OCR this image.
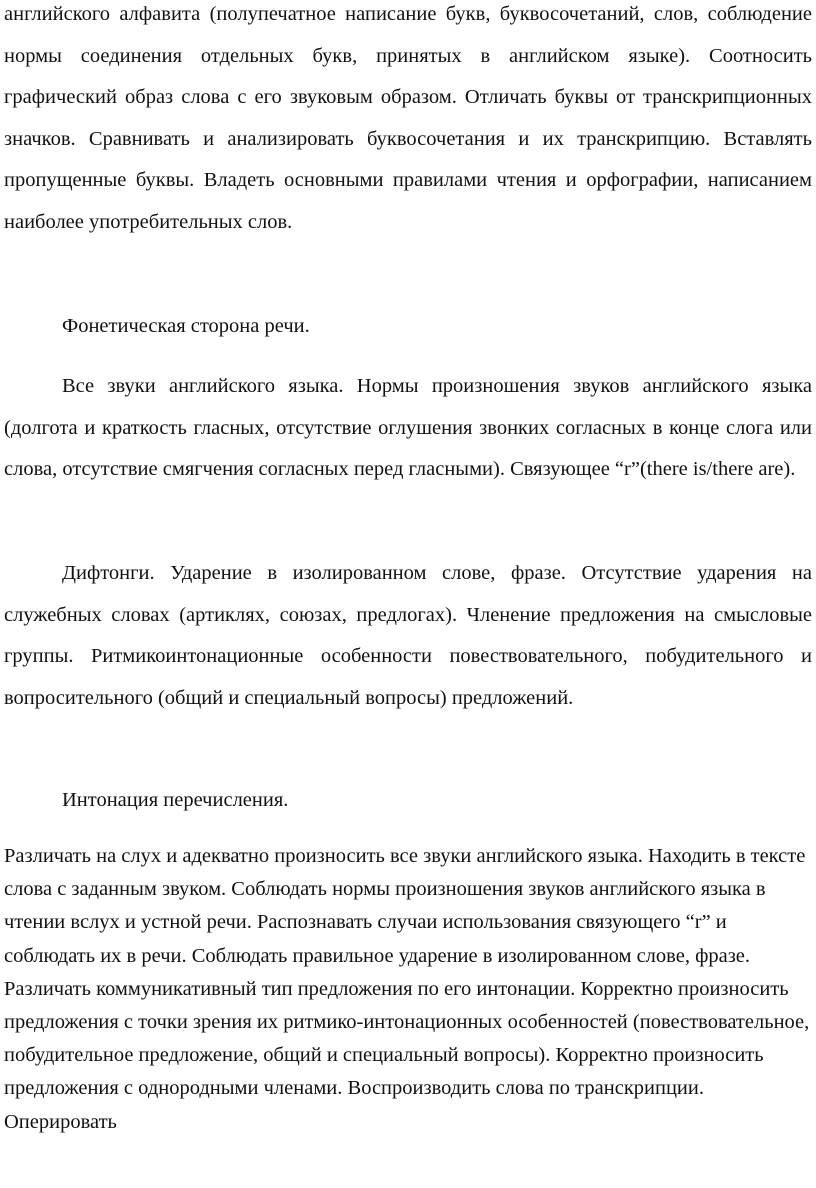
английского алфавита (полупечатное написание букв, буквосочетаний, слов, соблюдение нормы соединения отдельных букв, принятых в английском языке). Соотносить графический образ слова с его звуковым образом. Отличать буквы от транскрипционных значков. Сравнивать и анализировать буквосочетания и их транскрипцию. Вставлять пропущенные буквы. Владеть основными правилами чтения и орфографии, написанием наиболее употребительных слов.

Фонетическая сторона речи.

Все звуки английского языка. Нормы произношения звуков английского языка (долгота и краткость гласных, отсутствие оглушения звонких согласных в конце слога или слова, отсутствие смягчения согласных перед гласными). Связующее “r”(there is/there are).

Дифтонги. Ударение в изолированном слове, фразе. Отсутствие ударения на служебных словах (артиклях, союзах, предлогах). Членение предложения на смысловые группы. Ритмикоинтонационные особенности повествовательного, побудительного и вопросительного (общий и специальный вопросы) предложений.

Интонация перечисления.

Различать на слух и адекватно произносить все звуки английского языка. Находить в тексте слова с заданным звуком. Соблюдать нормы произношения звуков английского языка в чтении вслух и устной речи. Распознавать случаи использования связующего “r” и соблюдать их в речи. Соблюдать правильное ударение в изолированном слове, фразе. Различать коммуникативный тип предложения по его интонации. Корректно произносить предложения с точки зрения их ритмико-интонационных особенностей (повествовательное, побудительное предложение, общий и специальный вопросы). Корректно произносить предложения с однородными членами. Воспроизводить слова по транскрипции. Оперировать
